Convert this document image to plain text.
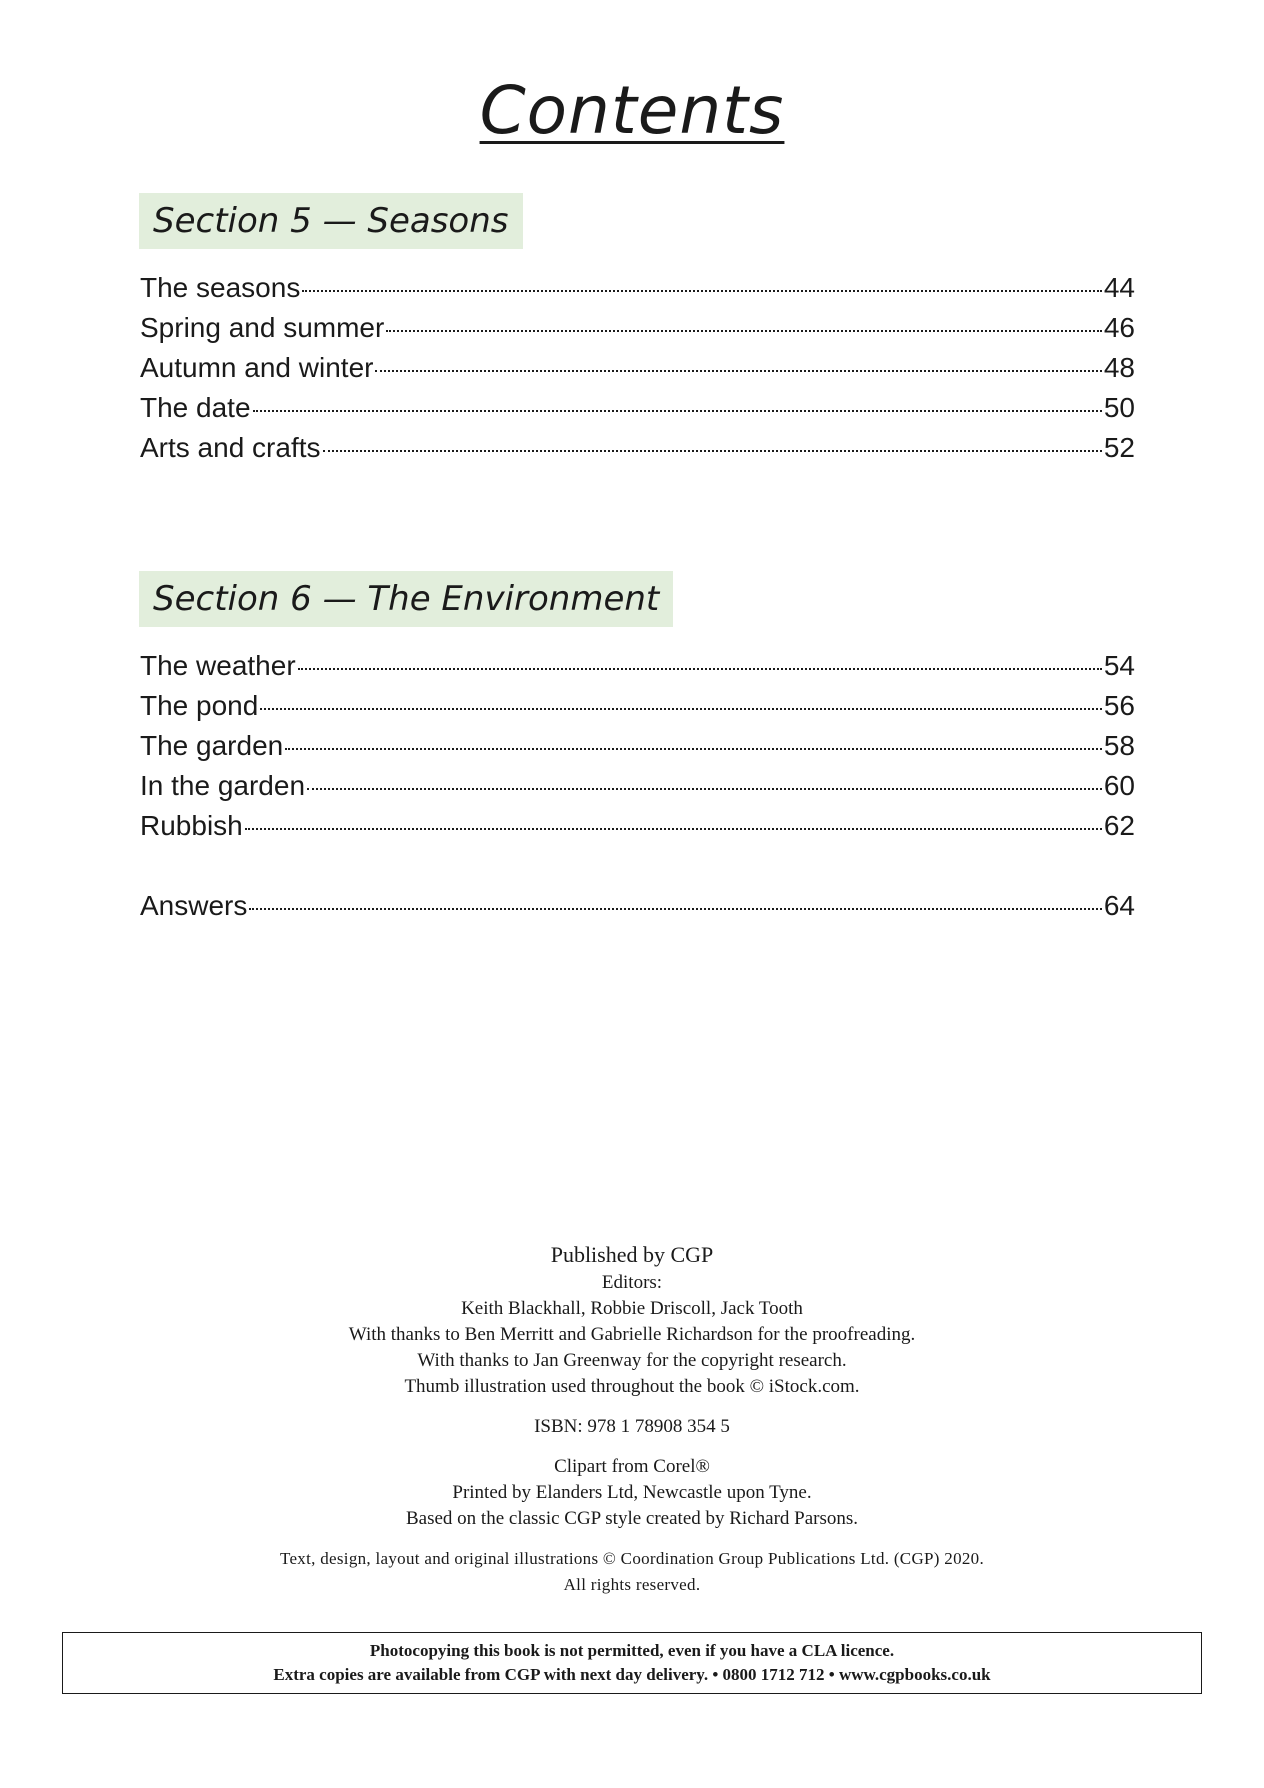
Contents
Section 5 — Seasons
The seasons	44
Spring and summer	46
Autumn and winter	48
The date	50
Arts and crafts	52
Section 6 — The Environment
The weather	54
The pond	56
The garden	58
In the garden	60
Rubbish	62
Answers	64
Published by CGP
Editors:
Keith Blackhall, Robbie Driscoll, Jack Tooth
With thanks to Ben Merritt and Gabrielle Richardson for the proofreading.
With thanks to Jan Greenway for the copyright research.
Thumb illustration used throughout the book © iStock.com.
ISBN: 978 1 78908 354 5
Clipart from Corel®
Printed by Elanders Ltd, Newcastle upon Tyne.
Based on the classic CGP style created by Richard Parsons.
Text, design, layout and original illustrations © Coordination Group Publications Ltd. (CGP) 2020.
All rights reserved.
Photocopying this book is not permitted, even if you have a CLA licence.
Extra copies are available from CGP with next day delivery. • 0800 1712 712 • www.cgpbooks.co.uk
